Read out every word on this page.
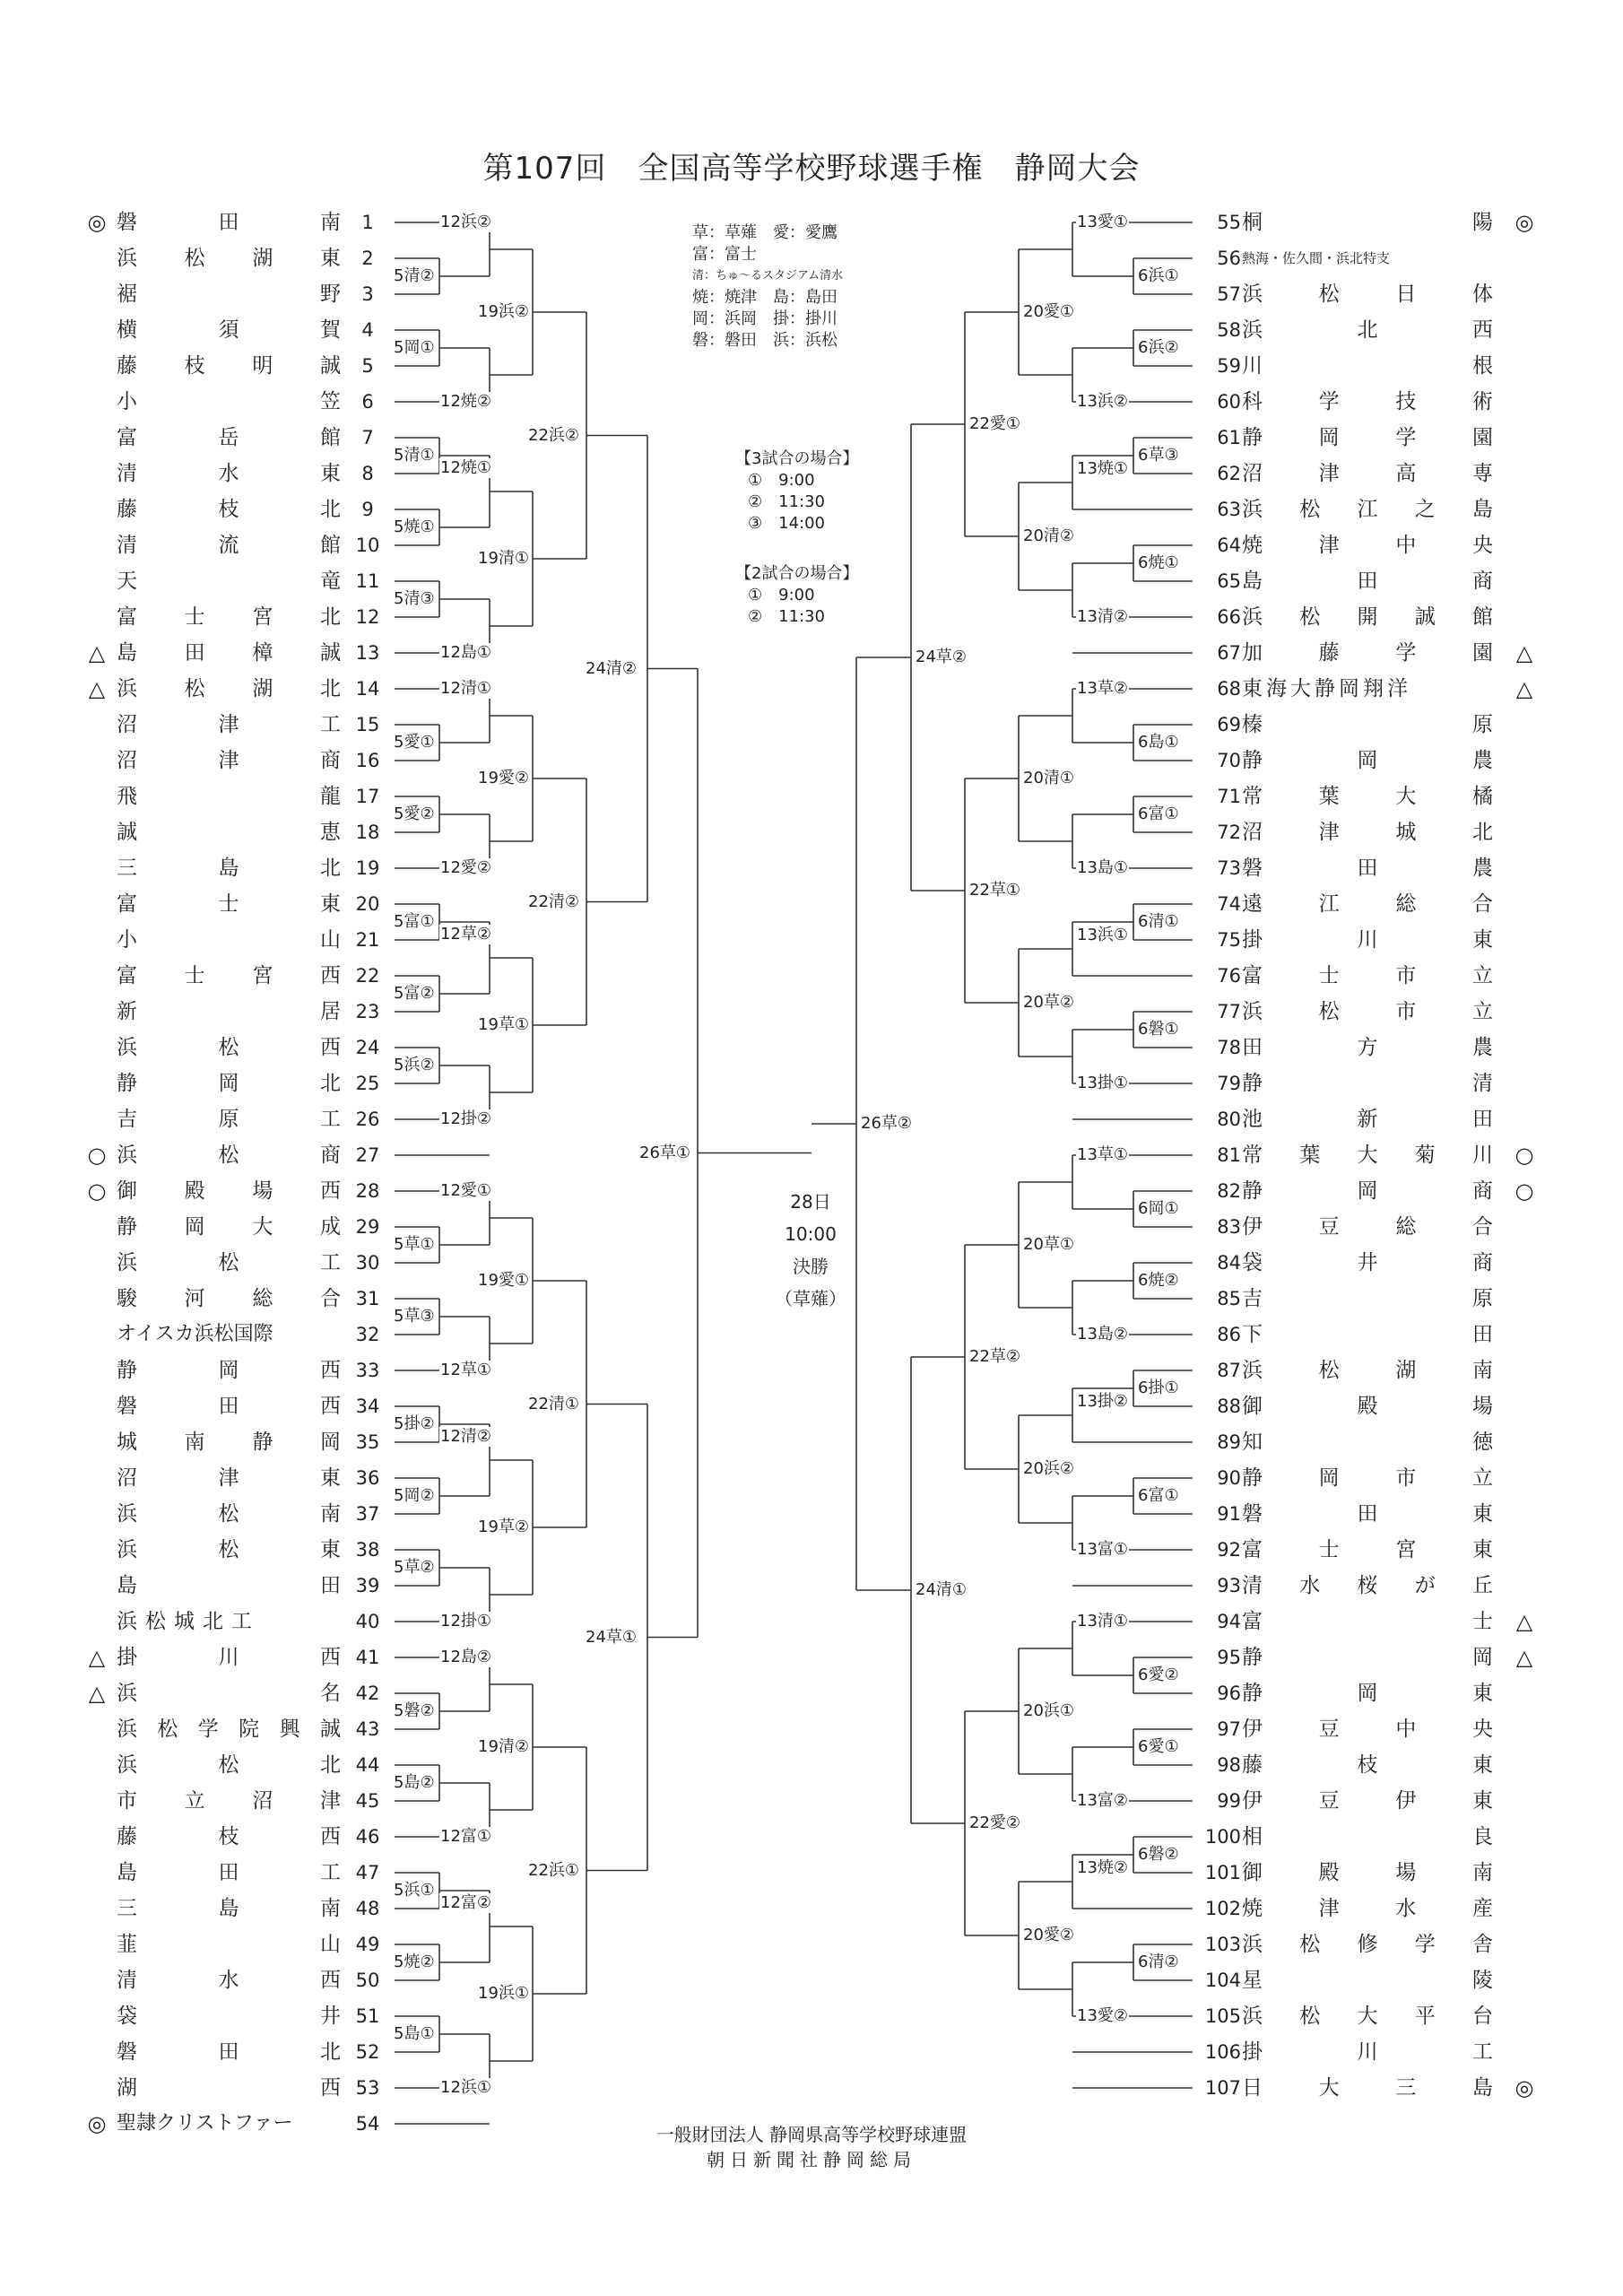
第107回　全国高等学校野球選手権　静岡大会
草：草薙　愛：愛鷹
富：富士
清：ちゅ～るスタジアム清水
焼：焼津　島：島田
岡：浜岡　掛：掛川
磐：磐田　浜：浜松
【3試合の場合】
①　9:00
②　11:30
③　14:00
【2試合の場合】
①　9:00
②　11:30
28日
10:00
決勝
（草薙）
一般財団法人 静岡県高等学校野球連盟
朝日新聞社静岡総局
◎ 磐	田	南	1
浜 松 湖 東	2
裾	野	3
横	須	賀	4
藤 枝 明 誠	5
小	笠	6
富	岳	館	7
清	水	東	8
藤	枝	北	9
清	流	館 10
天	竜 11
富 士 宮 北 12
△ 島 田 樟 誠 13
△ 浜 松 湖 北 14
沼	津	工 15
沼	津	商 16
飛	龍 17
誠	恵 18
三	島	北 19
富	士	東 20
小	山 21
富 士 宮 西 22
新	居 23
浜	松	西 24
静	岡	北 25
吉	原	工 26
○ 浜	松	商 27
○ 御 殿 場 西 28
静 岡 大 成 29
浜	松	工 30
駿 河 総 合 31
オイスカ浜松国際	32
静	岡	西 33
磐	田	西 34
城 南 静 岡 35
沼	津	東 36
浜	松	南 37
浜	松	東 38
島	田 39
浜松城北工	40
△ 掛	川	西 41
△ 浜	名 42
浜 松 学 院 興 誠 43
浜	松	北 44
市 立 沼 津 45
藤	枝	西 46
島	田	工 47
三	島	南 48
韮	山 49
清	水	西 50
袋	井 51
磐	田	北 52
湖	西 53
◎ 聖隷クリストファー	54
55 桐	陽	◎
56 熱海・佐久間・浜北特支
57 浜	松	日	体
58 浜	北	西
59 川	根
60 科	学	技	術
61 静	岡	学	園
62 沼	津	高	専
63 浜 松 江 之 島
64 焼	津	中	央
65 島	田	商
66 浜 松 開 誠 館
67 加	藤	学	園	△
68 東海大静岡翔洋	△
69 榛	原
70 静	岡	農
71 常	葉	大	橘
72 沼	津	城	北
73 磐	田	農
74 遠	江	総	合
75 掛	川	東
76 富	士	市	立
77 浜	松	市	立
78 田	方	農
79 静	清
80 池	新	田
81 常 葉 大 菊 川	○
82 静	岡	商	○
83 伊	豆	総	合
84 袋	井	商
85 吉	原
86 下	田
87 浜	松	湖	南
88 御	殿	場
89 知	徳
90 静	岡	市	立
91 磐	田	東
92 富	士	宮	東
93 清 水 桜 が 丘
94 富	士	△
95 静	岡	△
96 静	岡	東
97 伊	豆	中	央
98 藤	枝	東
99 伊	豆	伊	東
100 相	良
101 御	殿	場	南
102 焼	津	水	産
103 浜 松 修 学 舎
104 星	陵
105 浜 松 大 平 台
106 掛	川	工
107 日	大	三	島	◎
5清②
12浜②
5岡①
12焼②
19浜②
5清①
5焼①
12焼①
5清③
12島①
19清①
22浜②
5愛①
12清①
5愛②
12愛②
19愛②
5富①
5富②
12草②
5浜②
12掛②
19草①
22清②
5草①
12愛①
5草③
12草①
19愛①
5掛②
5岡②
12清②
5草②
12掛①
19草②
22清①
5磐②
12島②
5島②
12富①
19清②
5浜①
5焼②
12富②
5島①
12浜①
19浜①
22浜①
24清②
24草①
26草①
6浜①
13愛①
6浜②
13浜②
20愛①
6草③
13焼①
6焼①
13清②
20清②
22愛①
6島①
13草②
6富①
13島①
20清①
6清①
13浜①
6磐①
13掛①
20草②
22草①
6岡①
13草①
6焼②
13島②
20草①
6掛①
13掛②
6富①
13富①
20浜②
22草②
6愛②
13清①
6愛①
13富②
20浜①
6磐②
13焼②
6清②
13愛②
20愛②
22愛②
24草②
24清①
26草②
